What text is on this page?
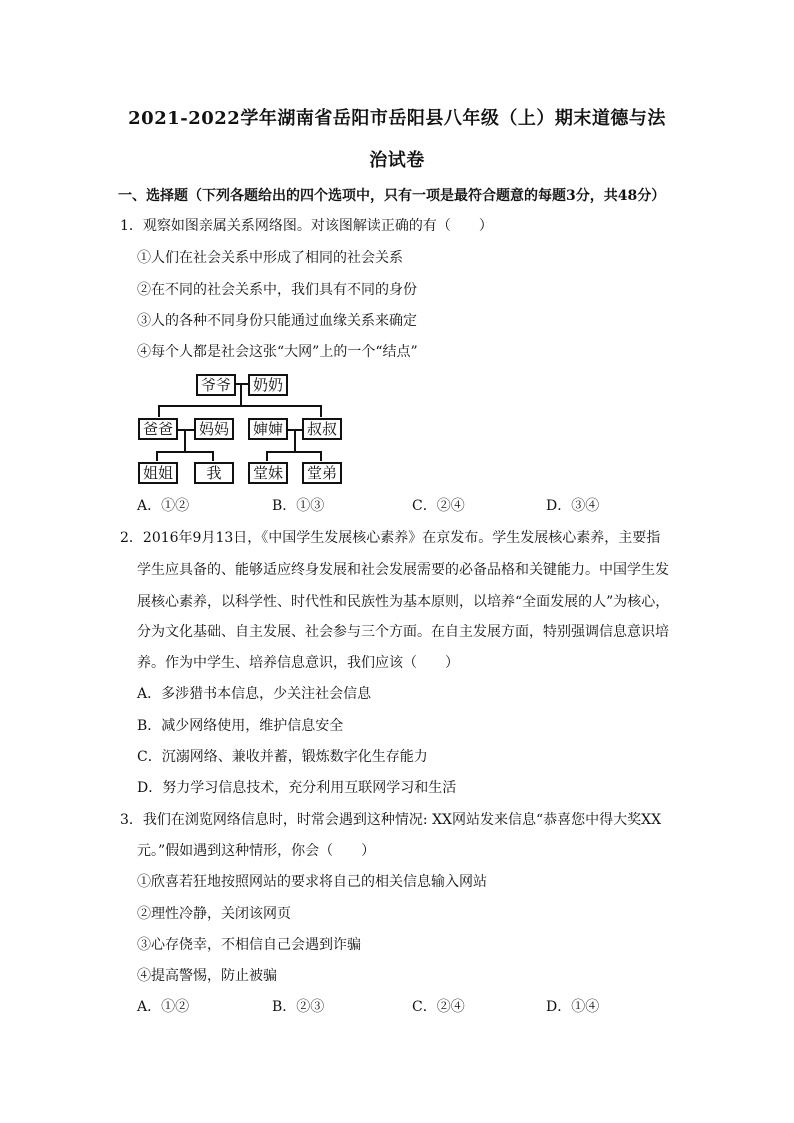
2021-2022学年湖南省岳阳市岳阳县八年级（上）期末道德与法
治试卷
一、选择题（下列各题给出的四个选项中，只有一项是最符合题意的每题3分，共48分）
1．观察如图亲属关系网络图。对该图解读正确的有（　　）
①人们在社会关系中形成了相同的社会关系
②在不同的社会关系中，我们具有不同的身份
③人的各种不同身份只能通过血缘关系来确定
④每个人都是社会这张“大网”上的一个“结点”
爷爷	奶奶
爸爸	妈妈	婶婶	叔叔
姐姐	我	堂妹	堂弟
A．①②	B．①③	C．②④	D．③④
2．2016年9月13日，《中国学生发展核心素养》在京发布。学生发展核心素养，主要指
学生应具备的、能够适应终身发展和社会发展需要的必备品格和关键能力。中国学生发
展核心素养，以科学性、时代性和民族性为基本原则，以培养“全面发展的人”为核心，
分为文化基础、自主发展、社会参与三个方面。在自主发展方面，特别强调信息意识培
养。作为中学生、培养信息意识，我们应该（　　）
A．多涉猎书本信息，少关注社会信息
B．减少网络使用，维护信息安全
C．沉溺网络、兼收并蓄，锻炼数字化生存能力
D．努力学习信息技术，充分利用互联网学习和生活
3．我们在浏览网络信息时，时常会遇到这种情况: XX网站发来信息“恭喜您中得大奖XX
元。”假如遇到这种情形，你会（　　）
①欣喜若狂地按照网站的要求将自己的相关信息输入网站
②理性冷静，关闭该网页
③心存侥幸，不相信自己会遇到诈骗
④提高警惕，防止被骗
A．①②	B．②③	C．②④	D．①④
